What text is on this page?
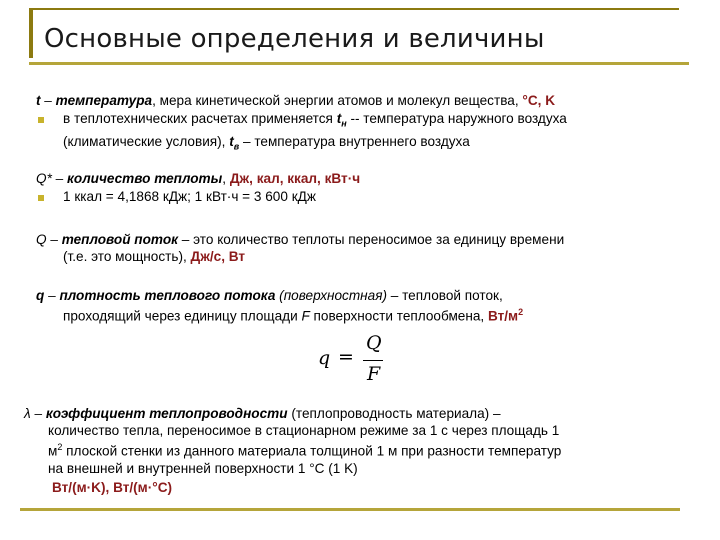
Основные определения и величины
t – температура, мера кинетической энергии атомов и молекул вещества, °C, K
в теплотехнических расчетах применяется $t_н$ -- температура наружного воздуха
(климатические условия), $t_в$ – температура внутреннего воздуха
Q* – количество теплоты, Дж, кал, ккал, кВт·ч
1 ккал = 4,1868 кДж; 1 кВт·ч = 3 600 кДж
Q – тепловой поток – это количество теплоты переносимое за единицу времени
(т.е. это мощность), Дж/с, Вт
q – плотность теплового потока (поверхностная) – тепловой поток,
проходящий через единицу площади F поверхности теплообмена, $Вт/м^2$
q =
Q
F
λ – коэффициент теплопроводности (теплопроводность материала) –
количество тепла, переносимое в стационарном режиме за 1 с через площадь 1
$м^2$ плоской стенки из данного материала толщиной 1 м при разности температур
на внешней и внутренней поверхности 1 °C (1 K)
Вт/(м·K), Вт/(м·°C)
